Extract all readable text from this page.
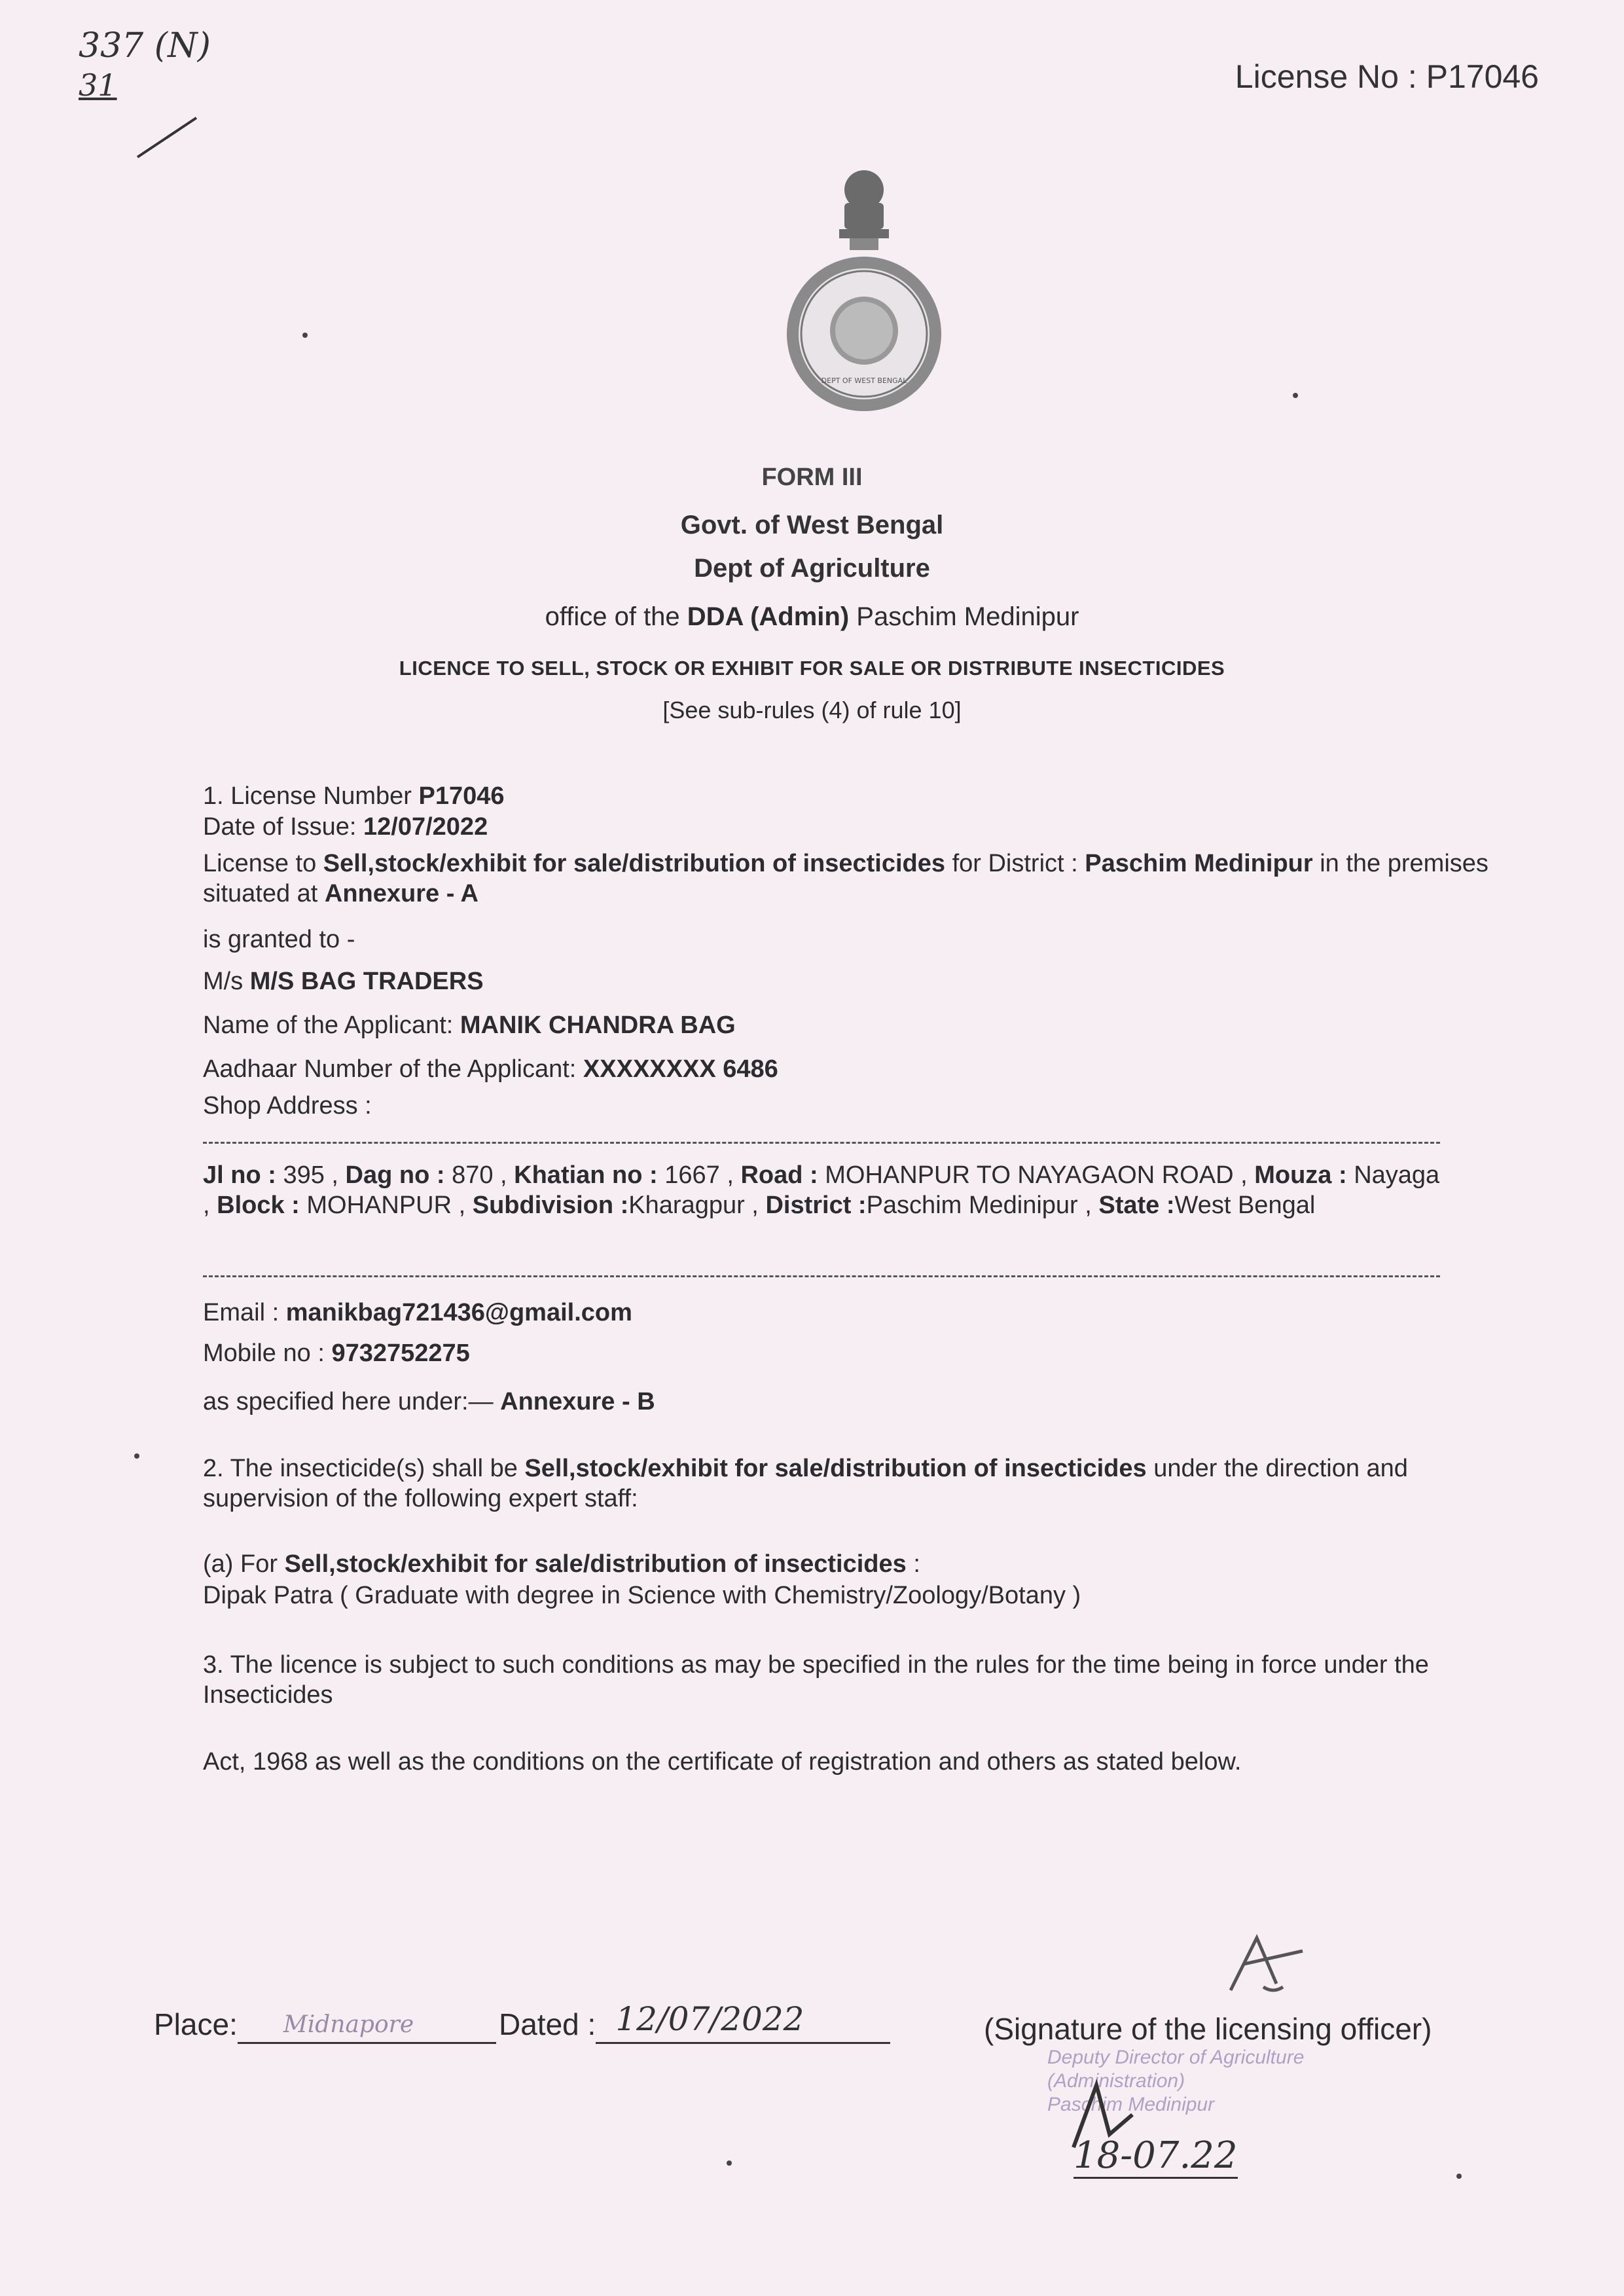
337 (N)
31	License No : P17046
DEPT OF WEST BENGAL
FORM III
Govt. of West Bengal
Dept of Agriculture
office of the DDA (Admin) Paschim Medinipur
LICENCE TO SELL, STOCK OR EXHIBIT FOR SALE OR DISTRIBUTE INSECTICIDES
[See sub-rules (4) of rule 10]
1. License Number P17046
Date of Issue: 12/07/2022
License to Sell,stock/exhibit for sale/distribution of insecticides for District : Paschim Medinipur in the premises situated at Annexure - A
is granted to -
M/s M/S BAG TRADERS
Name of the Applicant: MANIK CHANDRA BAG
Aadhaar Number of the Applicant: XXXXXXXX 6486
Shop Address :
Jl no : 395 , Dag no : 870 , Khatian no : 1667 , Road : MOHANPUR TO NAYAGAON ROAD , Mouza : Nayaga , Block : MOHANPUR , Subdivision :Kharagpur , District :Paschim Medinipur , State :West Bengal
Email : manikbag721436@gmail.com
Mobile no : 9732752275
as specified here under:— Annexure - B
2. The insecticide(s) shall be Sell,stock/exhibit for sale/distribution of insecticides under the direction and supervision of the following expert staff:
(a) For Sell,stock/exhibit for sale/distribution of insecticides :
Dipak Patra ( Graduate with degree in Science with Chemistry/Zoology/Botany )
3. The licence is subject to such conditions as may be specified in the rules for the time being in force under the Insecticides
Act, 1968 as well as the conditions on the certificate of registration and others as stated below.
Place: Midnapore
	Dated : 12/07/2022
	(Signature of the licensing officer)
Deputy Director of Agriculture
(Administration)
Paschim Medinipur
18-07.22
